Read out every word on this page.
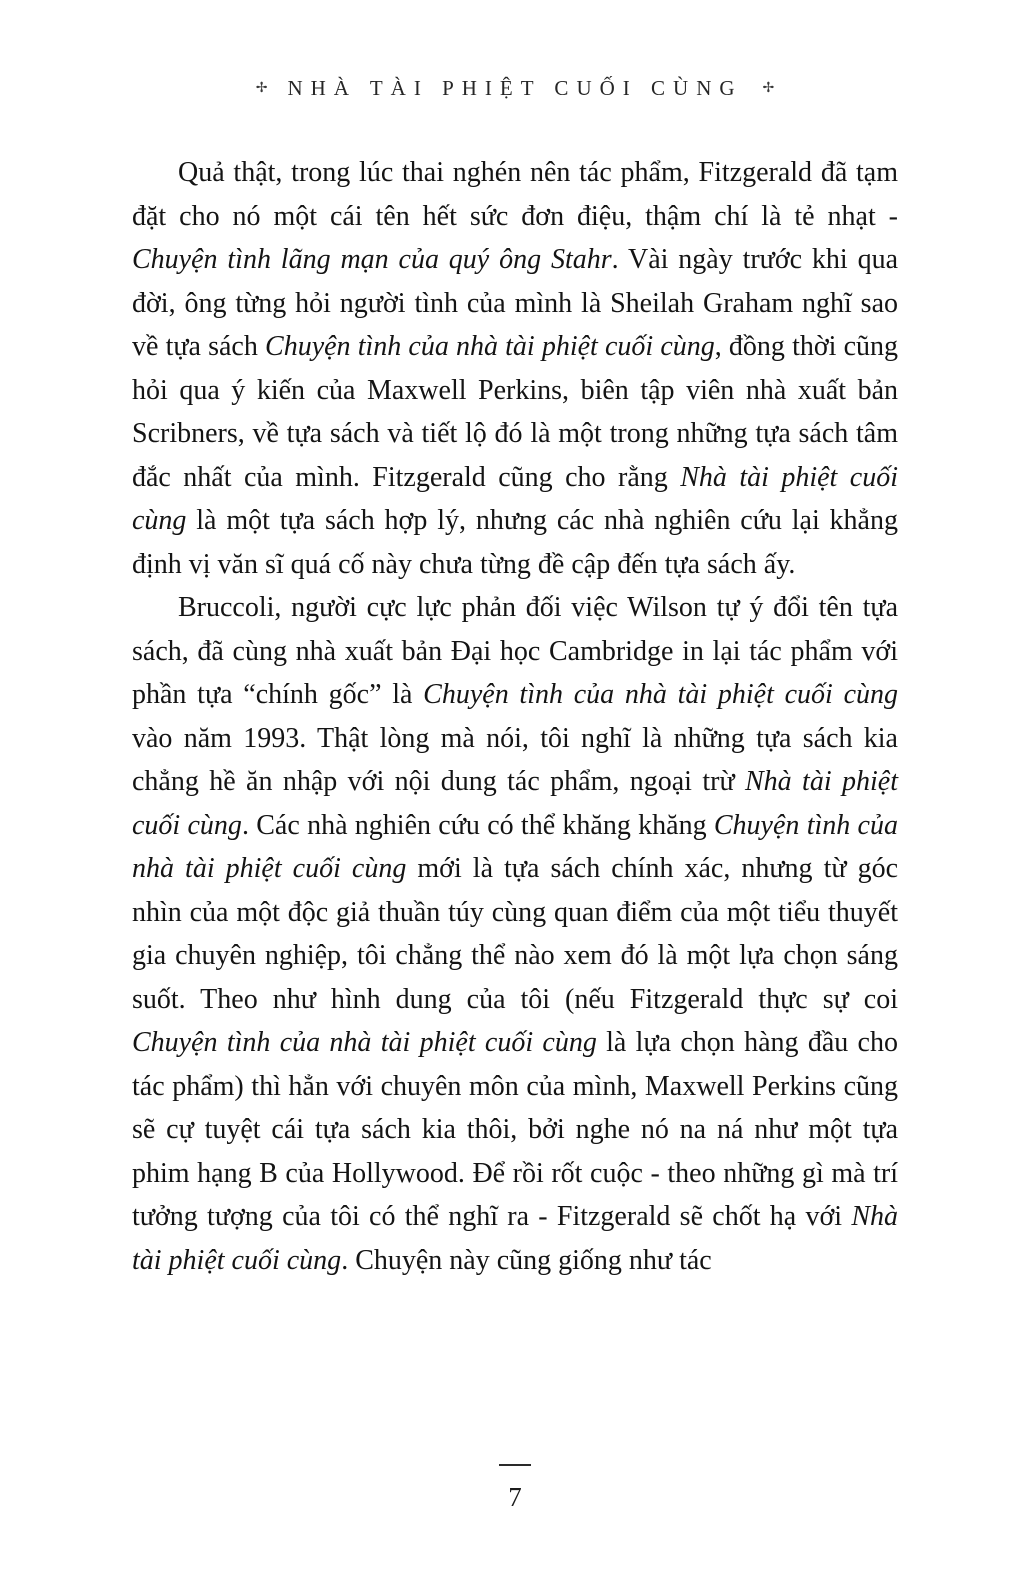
✢ NHÀ TÀI PHIỆT CUỐI CÙNG ✢

Quả thật, trong lúc thai nghén nên tác phẩm, Fitzgerald đã tạm đặt cho nó một cái tên hết sức đơn điệu, thậm chí là tẻ nhạt - Chuyện tình lãng mạn của quý ông Stahr. Vài ngày trước khi qua đời, ông từng hỏi người tình của mình là Sheilah Graham nghĩ sao về tựa sách Chuyện tình của nhà tài phiệt cuối cùng, đồng thời cũng hỏi qua ý kiến của Maxwell Perkins, biên tập viên nhà xuất bản Scribners, về tựa sách và tiết lộ đó là một trong những tựa sách tâm đắc nhất của mình. Fitzgerald cũng cho rằng Nhà tài phiệt cuối cùng là một tựa sách hợp lý, nhưng các nhà nghiên cứu lại khẳng định vị văn sĩ quá cố này chưa từng đề cập đến tựa sách ấy.

Bruccoli, người cực lực phản đối việc Wilson tự ý đổi tên tựa sách, đã cùng nhà xuất bản Đại học Cambridge in lại tác phẩm với phần tựa “chính gốc” là Chuyện tình của nhà tài phiệt cuối cùng vào năm 1993. Thật lòng mà nói, tôi nghĩ là những tựa sách kia chẳng hề ăn nhập với nội dung tác phẩm, ngoại trừ Nhà tài phiệt cuối cùng. Các nhà nghiên cứu có thể khăng khăng Chuyện tình của nhà tài phiệt cuối cùng mới là tựa sách chính xác, nhưng từ góc nhìn của một độc giả thuần túy cùng quan điểm của một tiểu thuyết gia chuyên nghiệp, tôi chẳng thể nào xem đó là một lựa chọn sáng suốt. Theo như hình dung của tôi (nếu Fitzgerald thực sự coi Chuyện tình của nhà tài phiệt cuối cùng là lựa chọn hàng đầu cho tác phẩm) thì hẳn với chuyên môn của mình, Maxwell Perkins cũng sẽ cự tuyệt cái tựa sách kia thôi, bởi nghe nó na ná như một tựa phim hạng B của Hollywood. Để rồi rốt cuộc - theo những gì mà trí tưởng tượng của tôi có thể nghĩ ra - Fitzgerald sẽ chốt hạ với Nhà tài phiệt cuối cùng. Chuyện này cũng giống như tác

7
